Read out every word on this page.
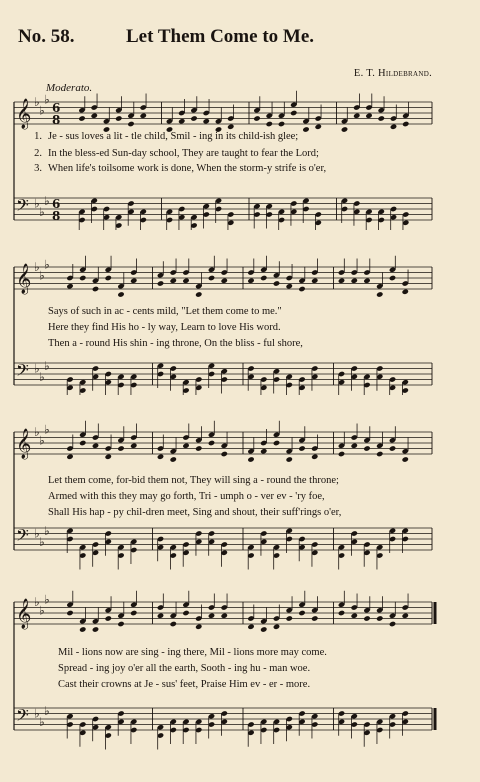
No. 58.	Let Them Come to Me.
E. T. Hildebrand.
Moderato.
𝄞 ♭
♭
♭
6
8
𝄢 ♭
♭
♭ 6
8
1. Je - sus loves a lit - tle child, Smil - ing in its child-ish glee;
2. In the bless-ed Sun-day school, They are taught to fear the Lord;
3. When life's toilsome work is done, When the storm-y strife is o'er,
𝄞 ♭
♭
♭
𝄢 ♭
♭
♭
Says of such in ac - cents mild, "Let them come to me."
Here they find His ho - ly way, Learn to love His word.
Then a - round His shin - ing throne, On the bliss - ful shore,
𝄞 ♭
♭
♭
𝄢 ♭
♭
♭
Let them come, for-bid them not, They will sing a - round the throne;
Armed with this they may go forth, Tri - umph o - ver ev - 'ry foe,
Shall His hap - py chil-dren meet, Sing and shout, their suff'rings o'er,
𝄞 ♭
♭
♭
𝄢 ♭
♭
♭
Mil - lions now are sing - ing there, Mil - lions more may come.
Spread - ing joy o'er all the earth, Sooth - ing hu - man woe.
Cast their crowns at Je - sus' feet, Praise Him ev - er - more.
